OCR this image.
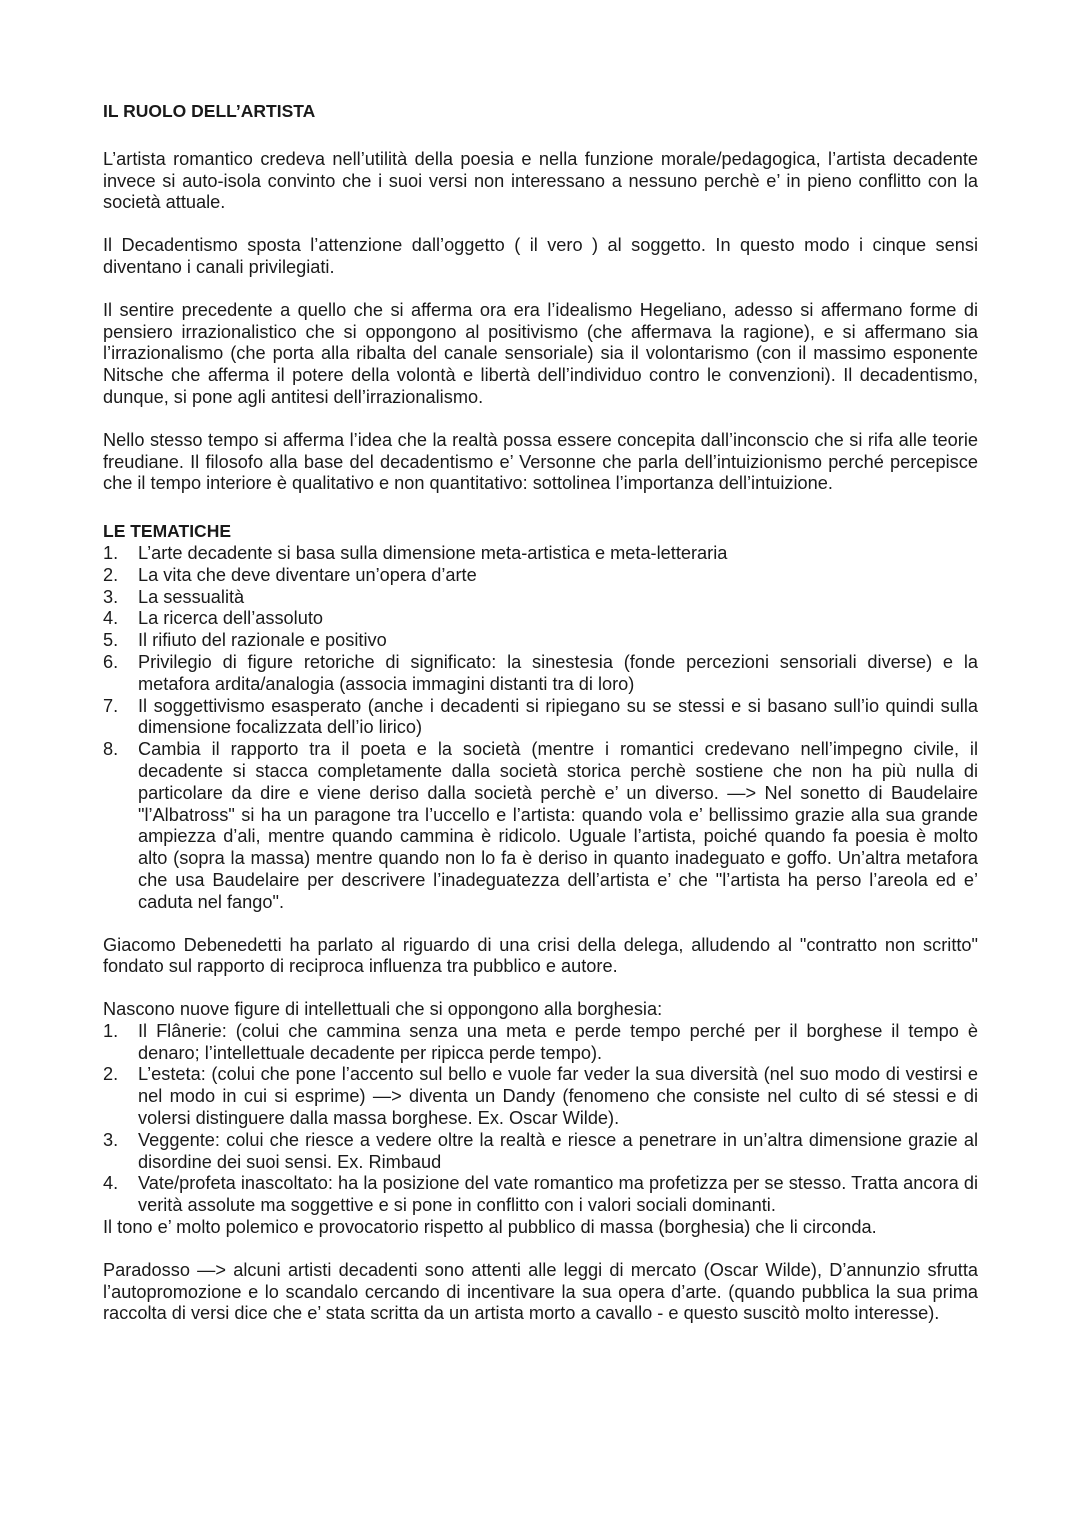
IL RUOLO DELL’ARTISTA

L’artista romantico credeva nell’utilità della poesia e nella funzione morale/pedagogica, l’artista decadente invece si auto-isola convinto che i suoi versi non interessano a nessuno perchè e’ in pieno conflitto con la società attuale.

Il Decadentismo sposta l’attenzione dall’oggetto ( il vero ) al soggetto. In questo modo i cinque sensi diventano i canali privilegiati.

Il sentire precedente a quello che si afferma ora era l’idealismo Hegeliano, adesso si affermano forme di pensiero irrazionalistico che si oppongono al positivismo (che affermava la ragione), e si affermano sia l’irrazionalismo (che porta alla ribalta del canale sensoriale) sia il volontarismo (con il massimo esponente Nitsche che afferma il potere della volontà e libertà dell’individuo contro le convenzioni). Il decadentismo, dunque, si pone agli antitesi dell’irrazionalismo.

Nello stesso tempo si afferma l’idea che la realtà possa essere concepita dall’inconscio che si rifa alle teorie freudiane. Il filosofo alla base del decadentismo e’ Versonne che parla dell’intuizionismo perché percepisce che il tempo interiore è qualitativo e non quantitativo: sottolinea l’importanza dell’intuizione.

LE TEMATICHE
1.	L’arte decadente si basa sulla dimensione meta-artistica e meta-letteraria
2.	La vita che deve diventare un’opera d’arte
3.	La sessualità
4.	La ricerca dell’assoluto
5.	Il rifiuto del razionale e positivo
6.	Privilegio di figure retoriche di significato: la sinestesia (fonde percezioni sensoriali diverse) e la metafora ardita/analogia (associa immagini distanti tra di loro)
7.	Il soggettivismo esasperato (anche i decadenti si ripiegano su se stessi e si basano sull’io quindi sulla dimensione focalizzata dell’io lirico)
8.	Cambia il rapporto tra il poeta e la società (mentre i romantici credevano nell’impegno civile, il decadente si stacca completamente dalla società storica perchè sostiene che non ha più nulla di particolare da dire e viene deriso dalla società perchè e’ un diverso. —> Nel sonetto di Baudelaire "l’Albatross" si ha un paragone tra l’uccello e l’artista: quando vola e’ bellissimo grazie alla sua grande ampiezza d’ali, mentre quando cammina è ridicolo. Uguale l’artista, poiché quando fa poesia è molto alto (sopra la massa) mentre quando non lo fa è deriso in quanto inadeguato e goffo. Un’altra metafora che usa Baudelaire per descrivere l’inadeguatezza dell’artista e’ che "l’artista ha perso l’areola ed e’ caduta nel fango".

Giacomo Debenedetti ha parlato al riguardo di una crisi della delega, alludendo al "contratto non scritto" fondato sul rapporto di reciproca influenza tra pubblico e autore.

Nascono nuove figure di intellettuali che si oppongono alla borghesia:

1.	Il Flânerie: (colui che cammina senza una meta e perde tempo perché per il borghese il tempo è denaro; l’intellettuale decadente per ripicca perde tempo).
2.	L’esteta: (colui che pone l’accento sul bello e vuole far veder la sua diversità (nel suo modo di vestirsi e nel modo in cui si esprime) —> diventa un Dandy (fenomeno che consiste nel culto di sé stessi e di volersi distinguere dalla massa borghese. Ex. Oscar Wilde).
3.	Veggente: colui che riesce a vedere oltre la realtà e riesce a penetrare in un’altra dimensione grazie al disordine dei suoi sensi. Ex. Rimbaud
4.	Vate/profeta inascoltato: ha la posizione del vate romantico ma profetizza per se stesso. Tratta ancora di verità assolute ma soggettive e si pone in conflitto con i valori sociali dominanti.

Il tono e’ molto polemico e provocatorio rispetto al pubblico di massa (borghesia) che li circonda.

Paradosso —> alcuni artisti decadenti sono attenti alle leggi di mercato (Oscar Wilde), D’annunzio sfrutta l’autopromozione e lo scandalo cercando di incentivare la sua opera d’arte. (quando pubblica la sua prima raccolta di versi dice che e’ stata scritta da un artista morto a cavallo - e questo suscitò molto interesse).
